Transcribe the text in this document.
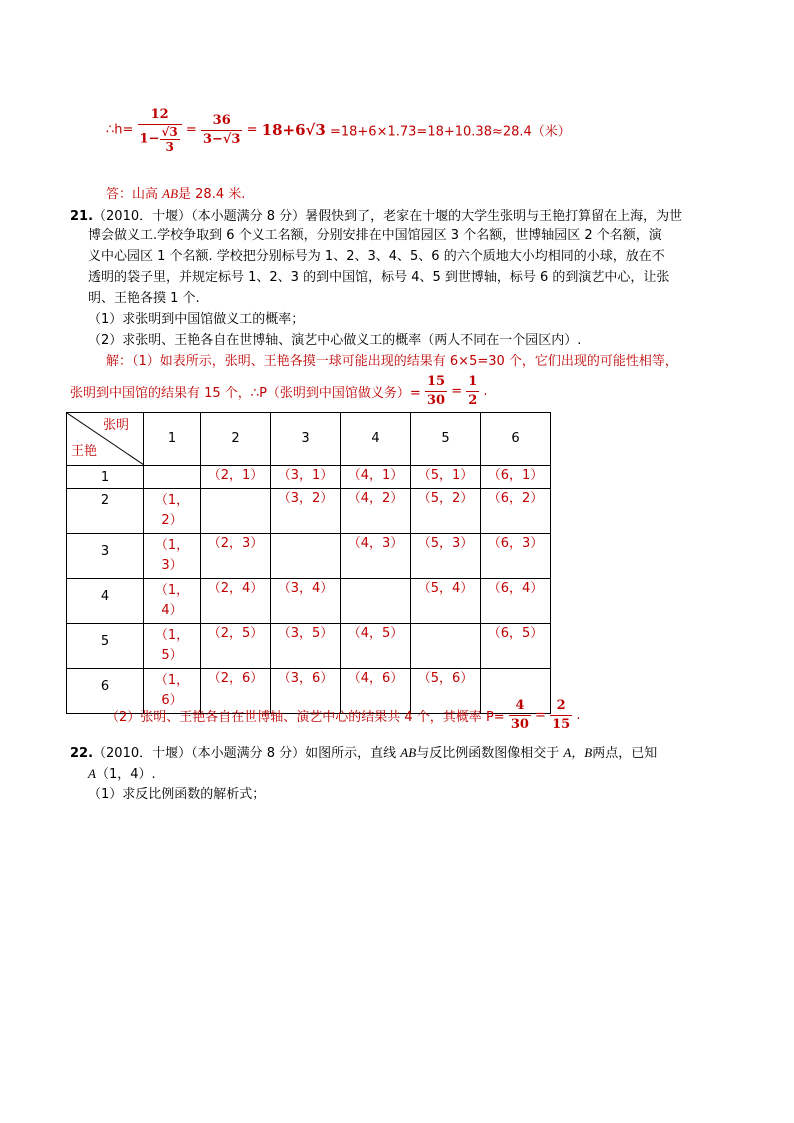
∴h= $\frac{12}{1- \frac{√3}{3}} = \frac{36}{3-√3} = 18+6√3 =18+6\times 1.73=18+10.38\approx 28.4$（米）
答：山高 AB是 28.4 米.
21.（2010．十堰）（本小题满分 8 分）暑假快到了，老家在十堰的大学生张明与王艳打算留在上海，为世
博会做义工.学校争取到 6 个义工名额，分别安排在中国馆园区 3 个名额，世博轴园区 2 个名额，演
义中心园区 1 个名额. 学校把分别标号为 1、2、3、4、5、6 的六个质地大小均相同的小球，放在不
透明的袋子里，并规定标号 1、2、3 的到中国馆，标号 4、5 到世博轴，标号 6 的到演艺中心，让张
明、王艳各摸 1 个.
（1）求张明到中国馆做义工的概率；
（2）求张明、王艳各自在世博轴、演艺中心做义工的概率（两人不同在一个园区内）.
解：（1）如表所示，张明、王艳各摸一球可能出现的结果有 6×5=30 个，它们出现的可能性相等，
张明到中国馆的结果有 15 个，∴P（张明到中国馆做义务）= $\frac{15}{30} = \frac{1}{2}$ .
张明
王艳	1	2	3	4	5	6
1		（2，1）	（3，1）	（4，1）	（5，1）	（6，1）
2	（1，2）		（3，2）	（4，2）	（5，2）	（6，2）
3	（1，3）	（2，3）		（4，3）	（5，3）	（6，3）
4	（1，4）	（2，4）	（3，4）		（5，4）	（6，4）
5	（1，5）	（2，5）	（3，5）	（4，5）		（6，5）
6	（1，6）	（2，6）	（3，6）	（4，6）	（5，6）	
（2）张明、王艳各自在世博轴、演艺中心的结果共 4 个，其概率 $P= \frac{4}{30} = \frac{2}{15}$ .
22.（2010．十堰）（本小题满分 8 分）如图所示，直线 AB与反比例函数图像相交于 A，B两点，已知
A（1，4）.
（1）求反比例函数的解析式；
